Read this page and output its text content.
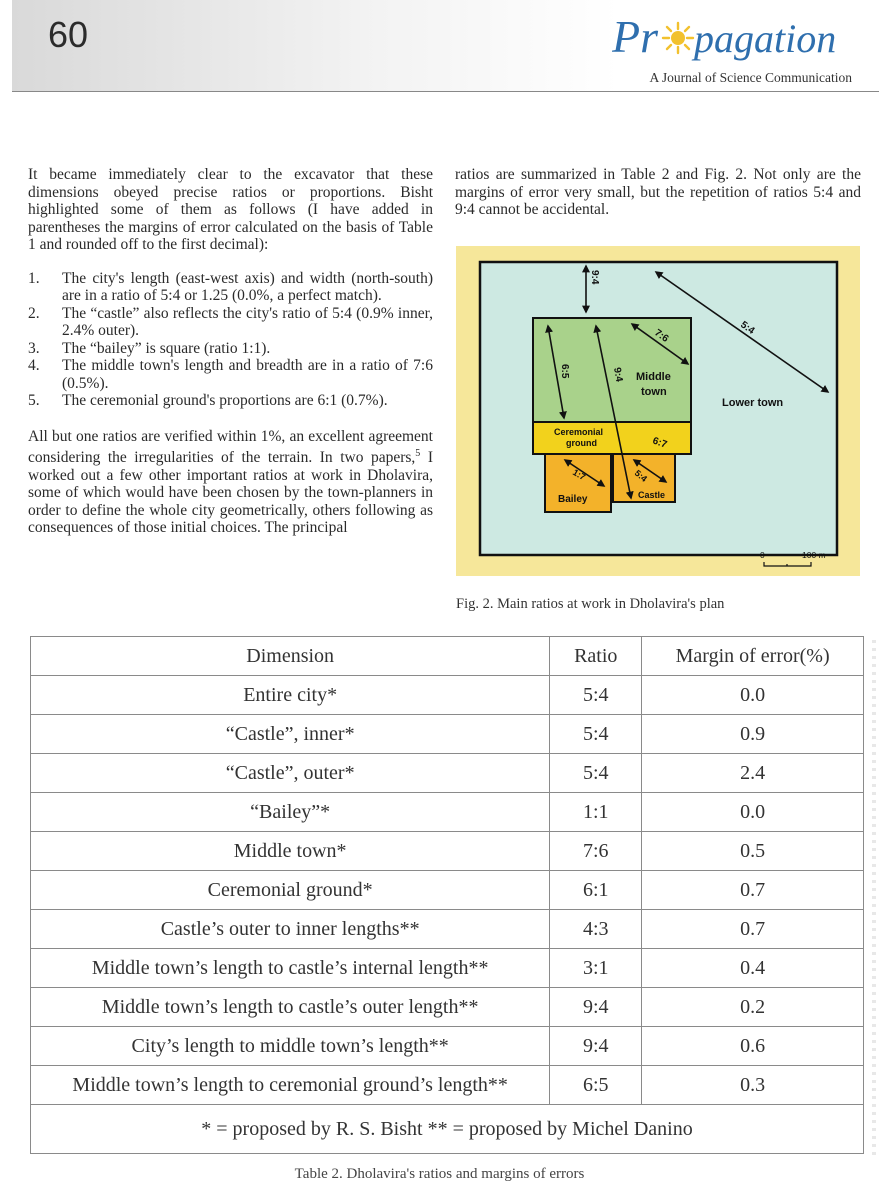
60	Pr pagation
A Journal of Science Communication

It became immediately clear to the excavator that these dimensions obeyed precise ratios or proportions. Bisht highlighted some of them as follows (I have added in parentheses the margins of error calculated on the basis of Table 1 and rounded off to the first decimal):

1. The city's length (east-west axis) and width (north-south) are in a ratio of 5:4 or 1.25 (0.0%, a perfect match).
2. The “castle” also reflects the city's ratio of 5:4 (0.9% inner, 2.4% outer).
3. The “bailey” is square (ratio 1:1).
4. The middle town's length and breadth are in a ratio of 7:6 (0.5%).
5. The ceremonial ground's proportions are 6:1 (0.7%).

All but one ratios are verified within 1%, an excellent agreement considering the irregularities of the terrain. In two papers,$^5$ I worked out a few other important ratios at work in Dholavira, some of which would have been chosen by the town-planners in order to define the whole city geometrically, others following as consequences of those initial choices. The principal

ratios are summarized in Table 2 and Fig. 2. Not only are the margins of error very small, but the repetition of ratios 5:4 and 9:4 cannot be accidental.

9:4
5:4
7:6
6:5	9:4 Middle
town
Lower town
Ceremonial
ground	6:7
1:7	5:4
Bailey	Castle
0	100 m
Fig. 2. Main ratios at work in Dholavira's plan
Dimension	Ratio	Margin of error(%)
Entire city*	5:4	0.0
“Castle”, inner*	5:4	0.9
“Castle”, outer*	5:4	2.4
“Bailey”*	1:1	0.0
Middle town*	7:6	0.5
Ceremonial ground*	6:1	0.7
Castle’s outer to inner lengths**	4:3	0.7
Middle town’s length to castle’s internal length**	3:1	0.4
Middle town’s length to castle’s outer length**	9:4	0.2
City’s length to middle town’s length**	9:4	0.6
Middle town’s length to ceremonial ground’s length**	6:5	0.3
* = proposed by R. S. Bisht ** = proposed by Michel Danino		
Table 2. Dholavira's ratios and margins of errors
